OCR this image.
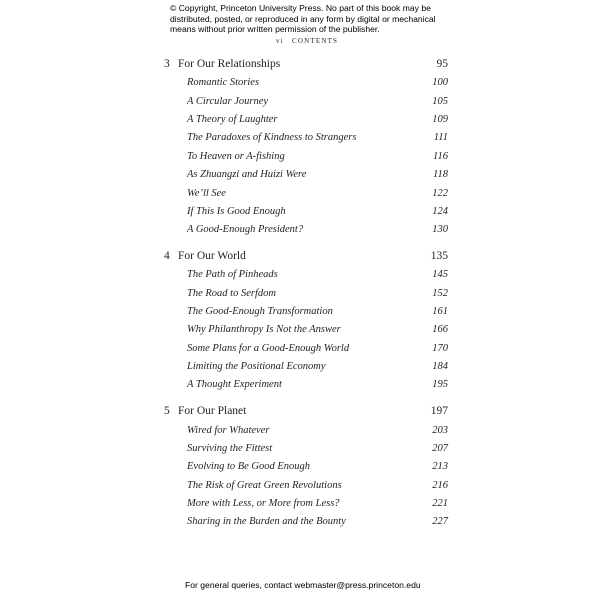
© Copyright, Princeton University Press. No part of this book may be
distributed, posted, or reproduced in any form by digital or mechanical
means without prior written permission of the publisher.
vi CONTENTS
3 For Our Relationships	95
Romantic Stories	100
A Circular Journey	105
A Theory of Laughter	109
The Paradoxes of Kindness to Strangers	111
To Heaven or A-fishing	116
As Zhuangzi and Huizi Were	118
We’ll See	122
If This Is Good Enough	124
A Good-Enough President?	130
4 For Our World	135
The Path of Pinheads	145
The Road to Serfdom	152
The Good-Enough Transformation	161
Why Philanthropy Is Not the Answer	166
Some Plans for a Good-Enough World	170
Limiting the Positional Economy	184
A Thought Experiment	195
5 For Our Planet	197
Wired for Whatever	203
Surviving the Fittest	207
Evolving to Be Good Enough	213
The Risk of Great Green Revolutions	216
More with Less, or More from Less?	221
Sharing in the Burden and the Bounty	227
For general queries, contact webmaster@press.princeton.edu
